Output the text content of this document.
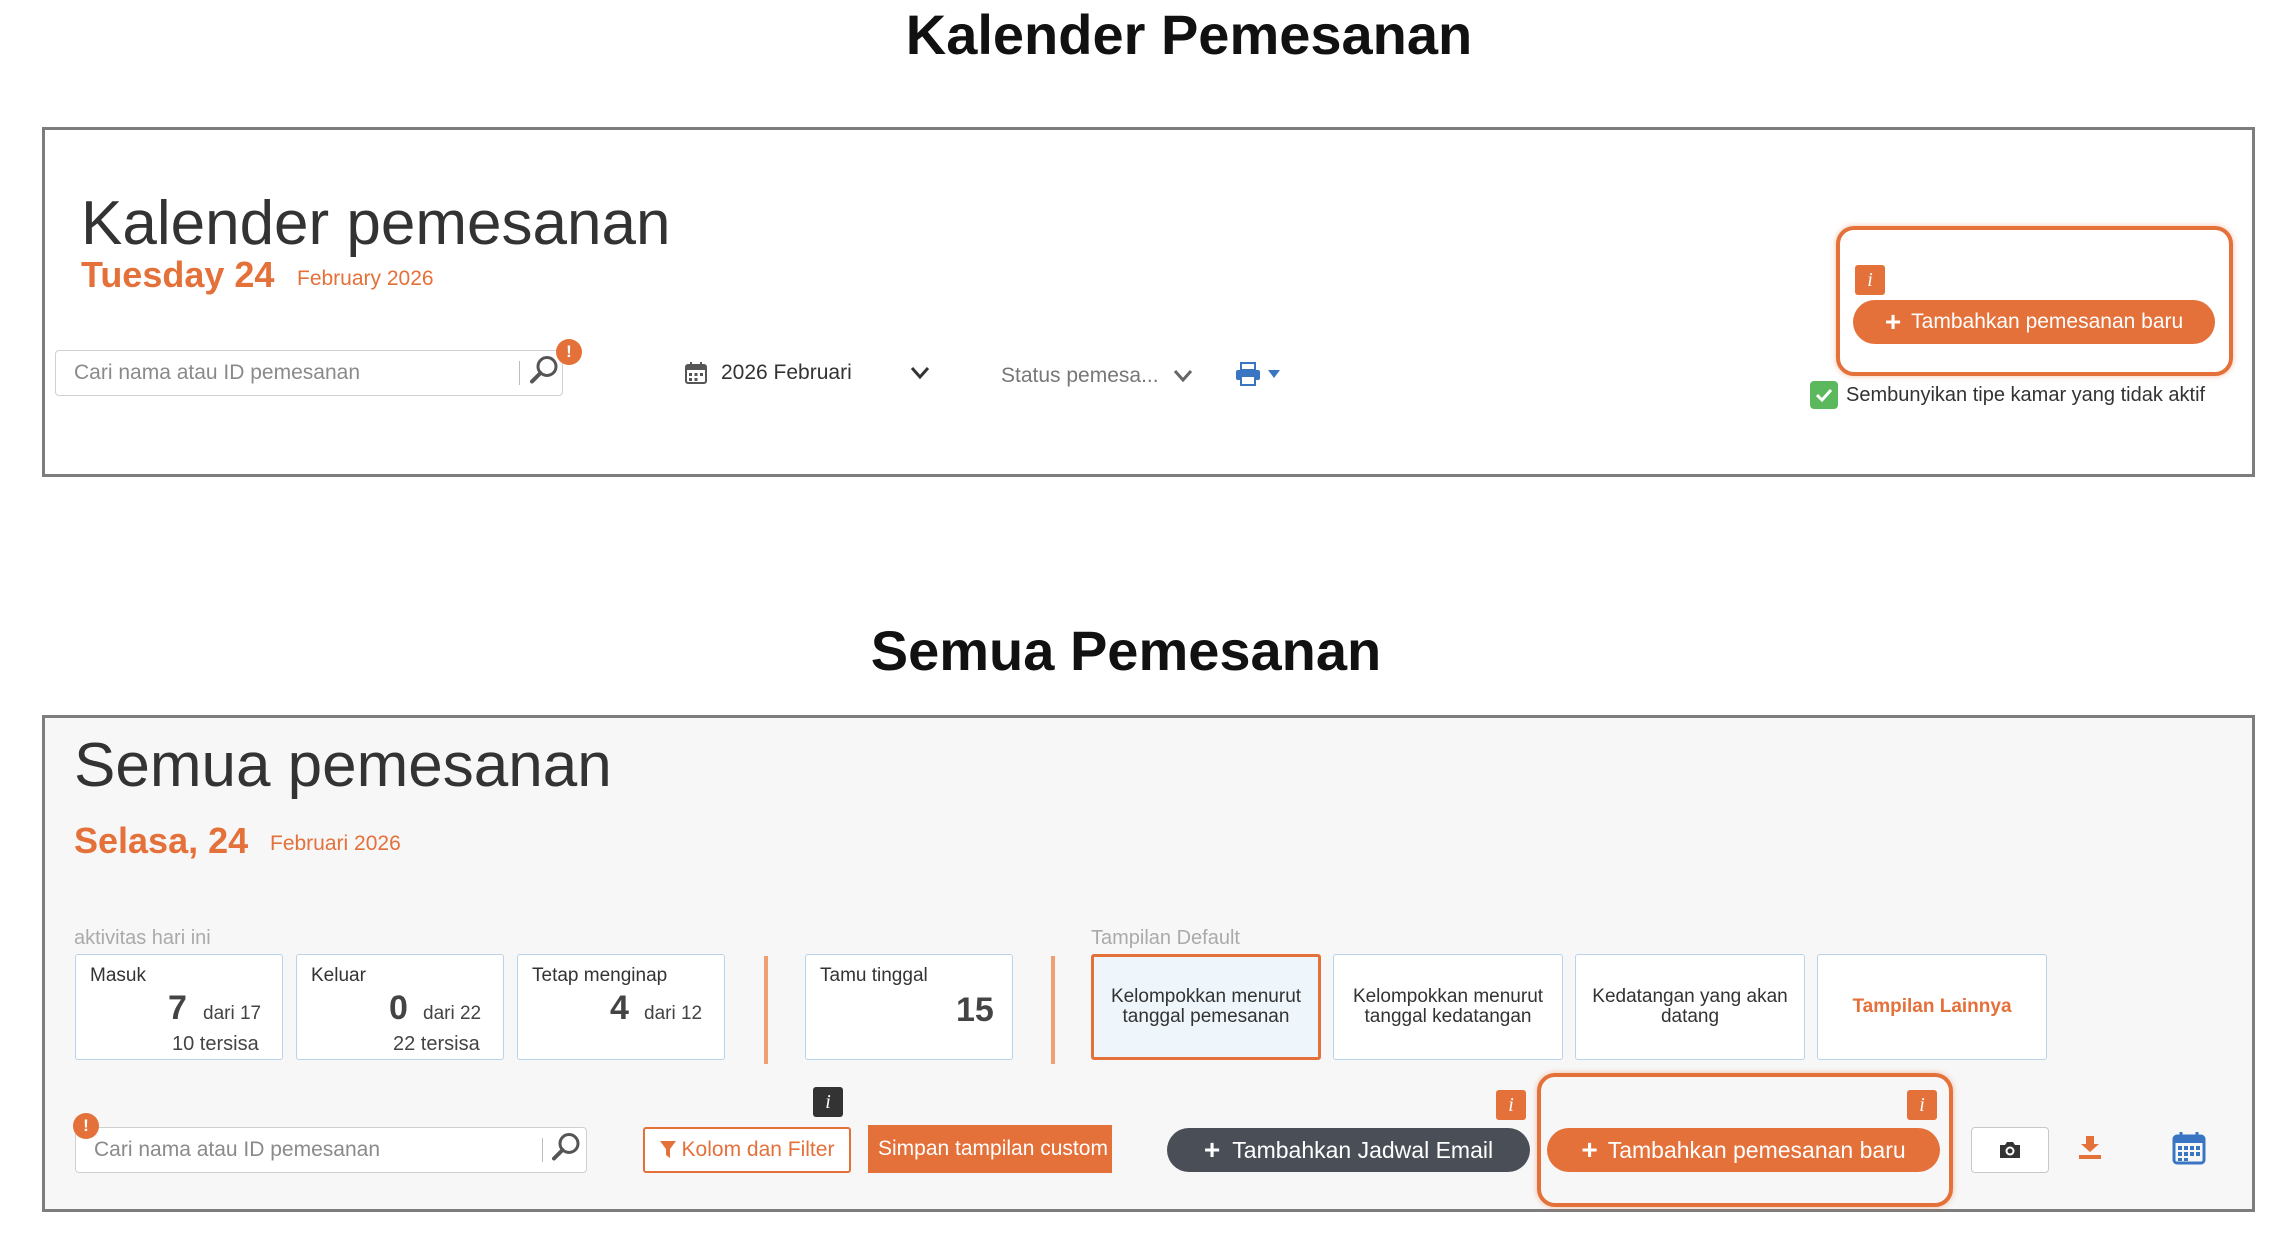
Kalender Pemesanan
Semua Pemesanan
Kalender pemesanan
Tuesday 24 February 2026
Cari nama atau ID pemesanan
!
2026 Februari	Status pemesa...
i
+ Tambahkan pemesanan baru
Sembunyikan tipe kamar yang tidak aktif
Semua pemesanan
Selasa, 24 Februari 2026
aktivitas hari ini
Masuk
7 dari 17
10 tersisa
Keluar
0 dari 22
22 tersisa
Tetap menginap
4 dari 12
Tamu tinggal
15
Tampilan Default
Kelompokkan menurut tanggal pemesanan
Kelompokkan menurut tanggal kedatangan
Kedatangan yang akan datang	Tampilan Lainnya
Cari nama atau ID pemesanan
!
i
Kolom dan Filter Simpan tampilan custom	+ Tambahkan Jadwal Email
i	i
+ Tambahkan pemesanan baru
